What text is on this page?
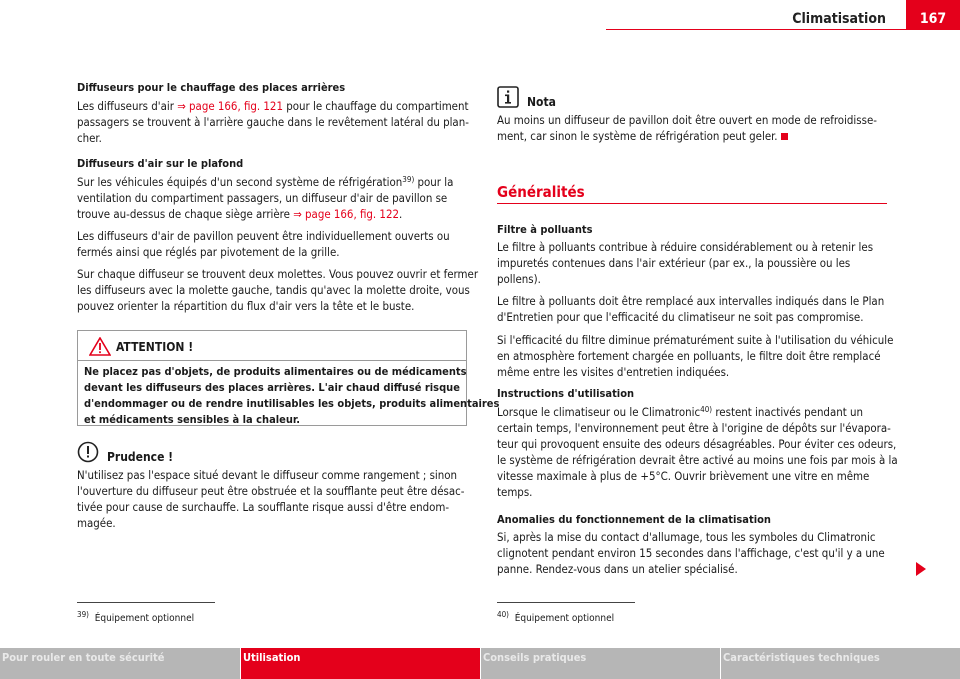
Climatisation	167

Diffuseurs pour le chauffage des places arrières

Les diffuseurs d'air ⇒ page 166, fig. 121 pour le chauffage du compartiment

passagers se trouvent à l'arrière gauche dans le revêtement latéral du plan-

cher.

Diffuseurs d'air sur le plafond

Sur les véhicules équipés d'un second système de réfrigération$^{39)}$ pour la

ventilation du compartiment passagers, un diffuseur d'air de pavillon se

trouve au-dessus de chaque siège arrière ⇒ page 166, fig. 122.

Les diffuseurs d'air de pavillon peuvent être individuellement ouverts ou

fermés ainsi que réglés par pivotement de la grille.

Sur chaque diffuseur se trouvent deux molettes. Vous pouvez ouvrir et fermer

les diffuseurs avec la molette gauche, tandis qu'avec la molette droite, vous

pouvez orienter la répartition du flux d'air vers la tête et le buste.

ATTENTION !

Ne placez pas d'objets, de produits alimentaires ou de médicaments

devant les diffuseurs des places arrières. L'air chaud diffusé risque

d'endommager ou de rendre inutilisables les objets, produits alimentaires

et médicaments sensibles à la chaleur.

Prudence !

N'utilisez pas l'espace situé devant le diffuseur comme rangement ; sinon

l'ouverture du diffuseur peut être obstruée et la soufflante peut être désac-

tivée pour cause de surchauffe. La soufflante risque aussi d'être endom-

magée.

$^{39)}$ Équipement optionnel
Nota

Au moins un diffuseur de pavillon doit être ouvert en mode de refroidisse-

ment, car sinon le système de réfrigération peut geler.

Généralités

Filtre à polluants

Le filtre à polluants contribue à réduire considérablement ou à retenir les

impuretés contenues dans l'air extérieur (par ex., la poussière ou les

pollens).

Le filtre à polluants doit être remplacé aux intervalles indiqués dans le Plan

d'Entretien pour que l'efficacité du climatiseur ne soit pas compromise.

Si l'efficacité du filtre diminue prématurément suite à l'utilisation du véhicule

en atmosphère fortement chargée en polluants, le filtre doit être remplacé

même entre les visites d'entretien indiquées.

Instructions d'utilisation

Lorsque le climatiseur ou le Climatronic$^{40)}$ restent inactivés pendant un

certain temps, l'environnement peut être à l'origine de dépôts sur l'évapora-

teur qui provoquent ensuite des odeurs désagréables. Pour éviter ces odeurs,

le système de réfrigération devrait être activé au moins une fois par mois à la

vitesse maximale à plus de +5°C. Ouvrir brièvement une vitre en même

temps.

Anomalies du fonctionnement de la climatisation

Si, après la mise du contact d'allumage, tous les symboles du Climatronic

clignotent pendant environ 15 secondes dans l'affichage, c'est qu'il y a une

panne. Rendez-vous dans un atelier spécialisé.

$^{40)}$ Équipement optionnel
Pour rouler en toute sécurité	Utilisation	Conseils pratiques	Caractéristiques techniques
